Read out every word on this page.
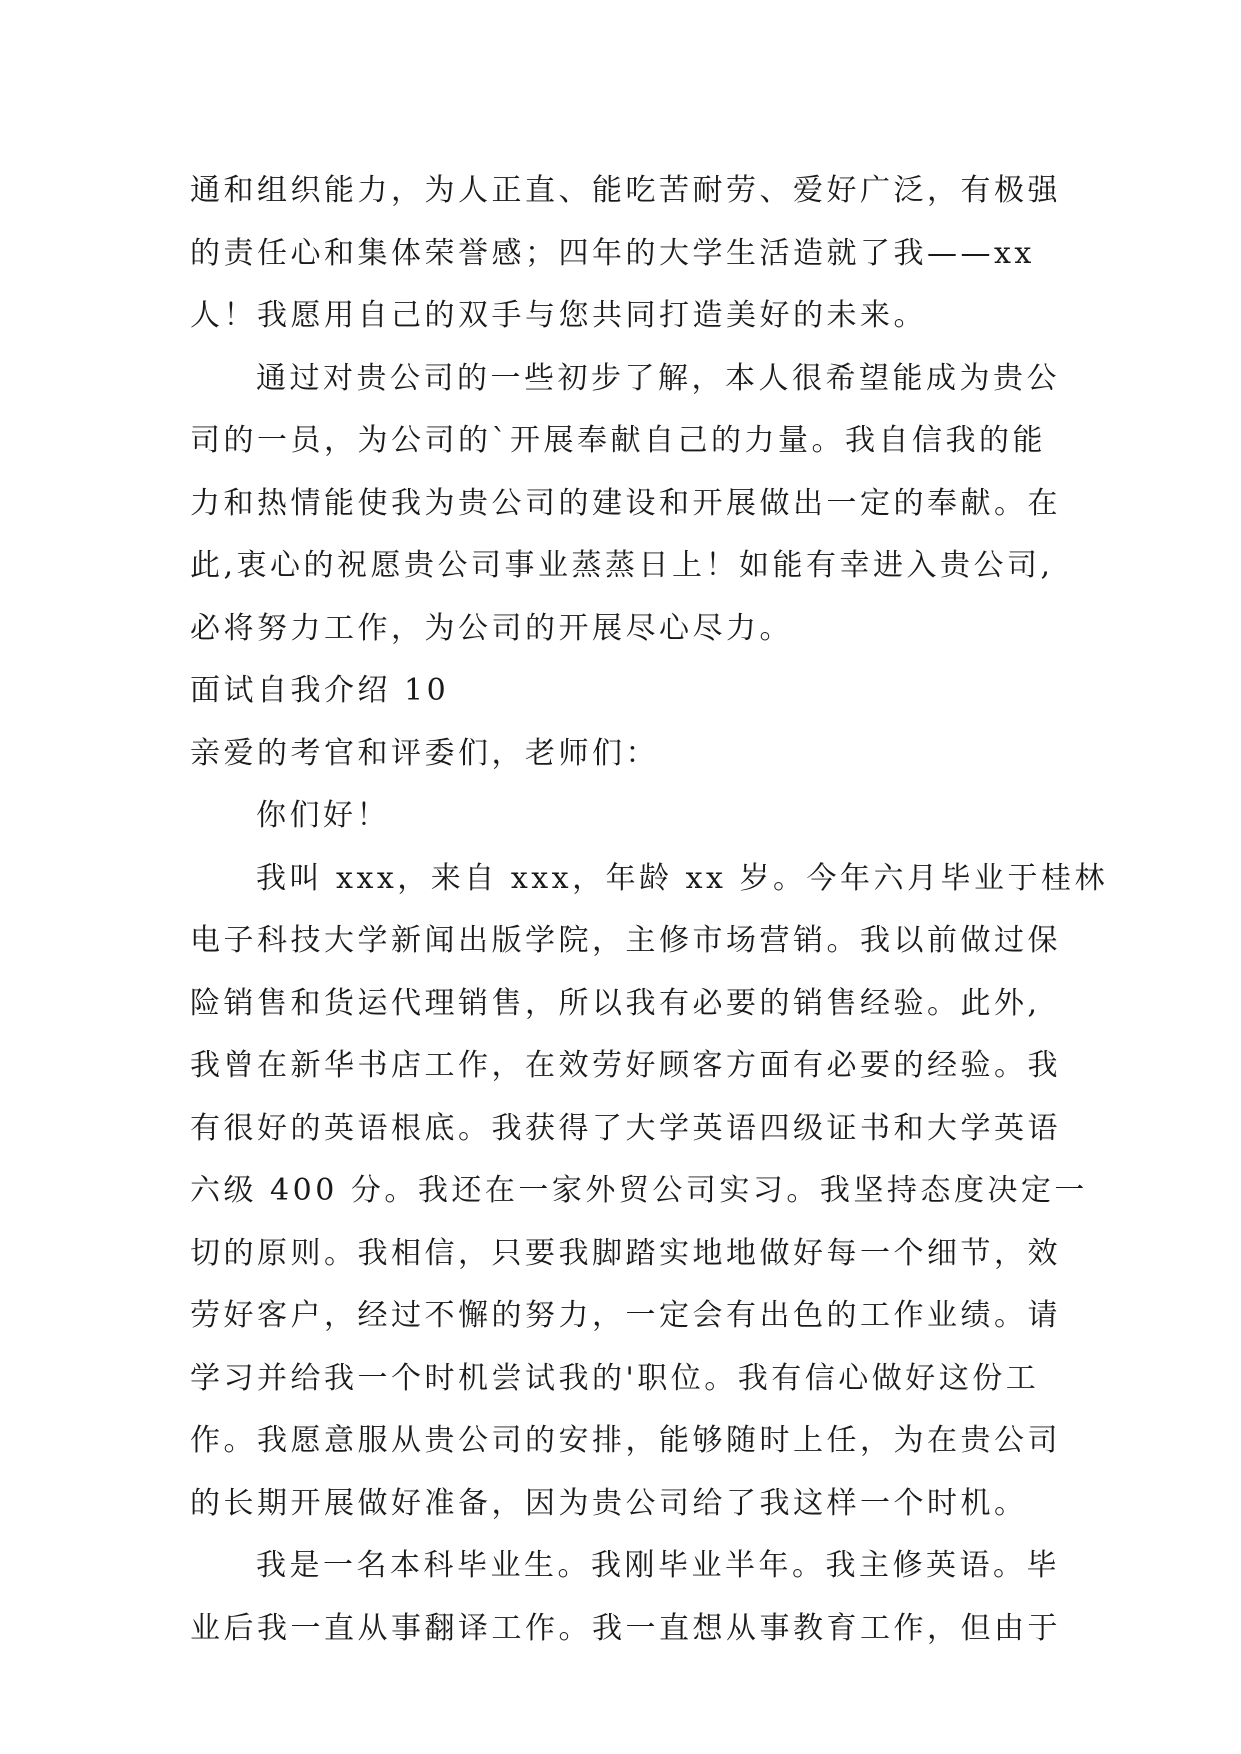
通和组织能力，为人正直、能吃苦耐劳、爱好广泛，有极强
的责任心和集体荣誉感；四年的大学生活造就了我——xx
人！我愿用自己的双手与您共同打造美好的未来。
通过对贵公司的一些初步了解，本人很希望能成为贵公
司的一员，为公司的`开展奉献自己的力量。我自信我的能
力和热情能使我为贵公司的建设和开展做出一定的奉献。在
此,衷心的祝愿贵公司事业蒸蒸日上！如能有幸进入贵公司,
必将努力工作，为公司的开展尽心尽力。
面试自我介绍 10
亲爱的考官和评委们，老师们：
你们好！
我叫 xxx，来自 xxx，年龄 xx 岁。今年六月毕业于桂林
电子科技大学新闻出版学院，主修市场营销。我以前做过保
险销售和货运代理销售，所以我有必要的销售经验。此外,
我曾在新华书店工作，在效劳好顾客方面有必要的经验。我
有很好的英语根底。我获得了大学英语四级证书和大学英语
六级 400 分。我还在一家外贸公司实习。我坚持态度决定一
切的原则。我相信，只要我脚踏实地地做好每一个细节，效
劳好客户，经过不懈的努力，一定会有出色的工作业绩。请
学习并给我一个时机尝试我的'职位。我有信心做好这份工
作。我愿意服从贵公司的安排，能够随时上任，为在贵公司
的长期开展做好准备，因为贵公司给了我这样一个时机。
我是一名本科毕业生。我刚毕业半年。我主修英语。毕
业后我一直从事翻译工作。我一直想从事教育工作，但由于
